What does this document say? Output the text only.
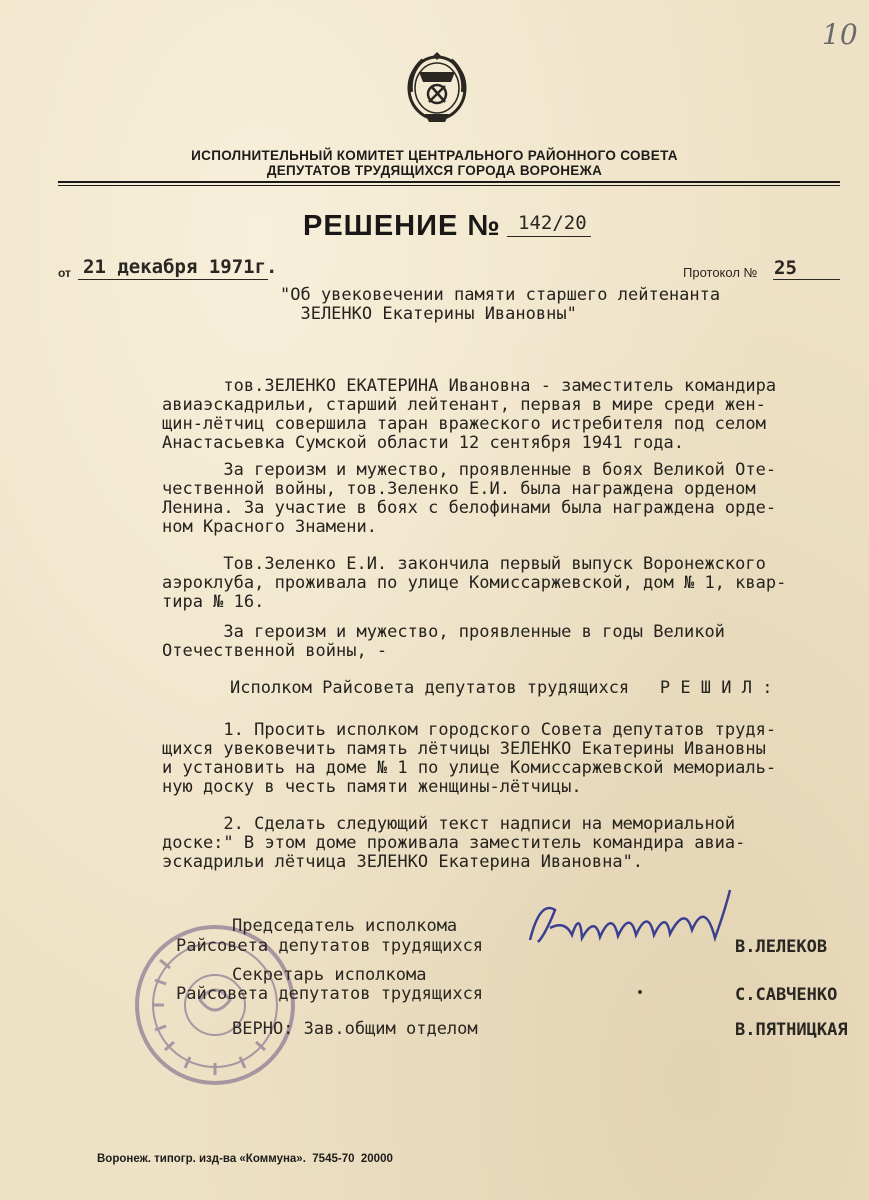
10
ИСПОЛНИТЕЛЬНЫЙ КОМИТЕТ ЦЕНТРАЛЬНОГО РАЙОННОГО СОВЕТА
ДЕПУТАТОВ ТРУДЯЩИХСЯ ГОРОДА ВОРОНЕЖА
РЕШЕНИЕ № 142/20
от 21 декабря 1971г.	Протокол № 25
"Об увековечении памяти старшего лейтенанта
ЗЕЛЕНКО Екатерины Ивановны"
тов.ЗЕЛЕНКО ЕКАТЕРИНА Ивановна - заместитель командира
авиаэскадрильи, старший лейтенант, первая в мире среди жен-
щин-лётчиц совершила таран вражеского истребителя под селом
Анастасьевка Сумской области 12 сентября 1941 года.
За героизм и мужество, проявленные в боях Великой Оте-
чественной войны, тов.Зеленко Е.И. была награждена орденом
Ленина. За участие в боях с белофинами была награждена орде-
ном Красного Знамени.
Тов.Зеленко Е.И. закончила первый выпуск Воронежского
аэроклуба, проживала по улице Комиссаржевской, дом № 1, квар-
тира № 16.
За героизм и мужество, проявленные в годы Великой
Отечественной войны, -
Исполком Райсовета депутатов трудящихся   Р Е Ш И Л :
1. Просить исполком городского Совета депутатов трудя-
щихся увековечить память лётчицы ЗЕЛЕНКО Екатерины Ивановны
и установить на доме № 1 по улице Комиссаржевской мемориаль-
ную доску в честь памяти женщины-лётчицы.
2. Сделать следующий текст надписи на мемориальной
доске:" В этом доме проживала заместитель командира авиа-
эскадрильи лётчица ЗЕЛЕНКО Екатерина Ивановна".
Председатель исполкома
Райсовета депутатов трудящихся	В.ЛЕЛЕКОВ
Секретарь исполкома
Райсовета депутатов трудящихся	С.САВЧЕНКО
ВЕРНО: Зав.общим отделом	В.ПЯТНИЦКАЯ
Воронеж. типогр. изд-ва «Коммуна».  7545-70  20000
